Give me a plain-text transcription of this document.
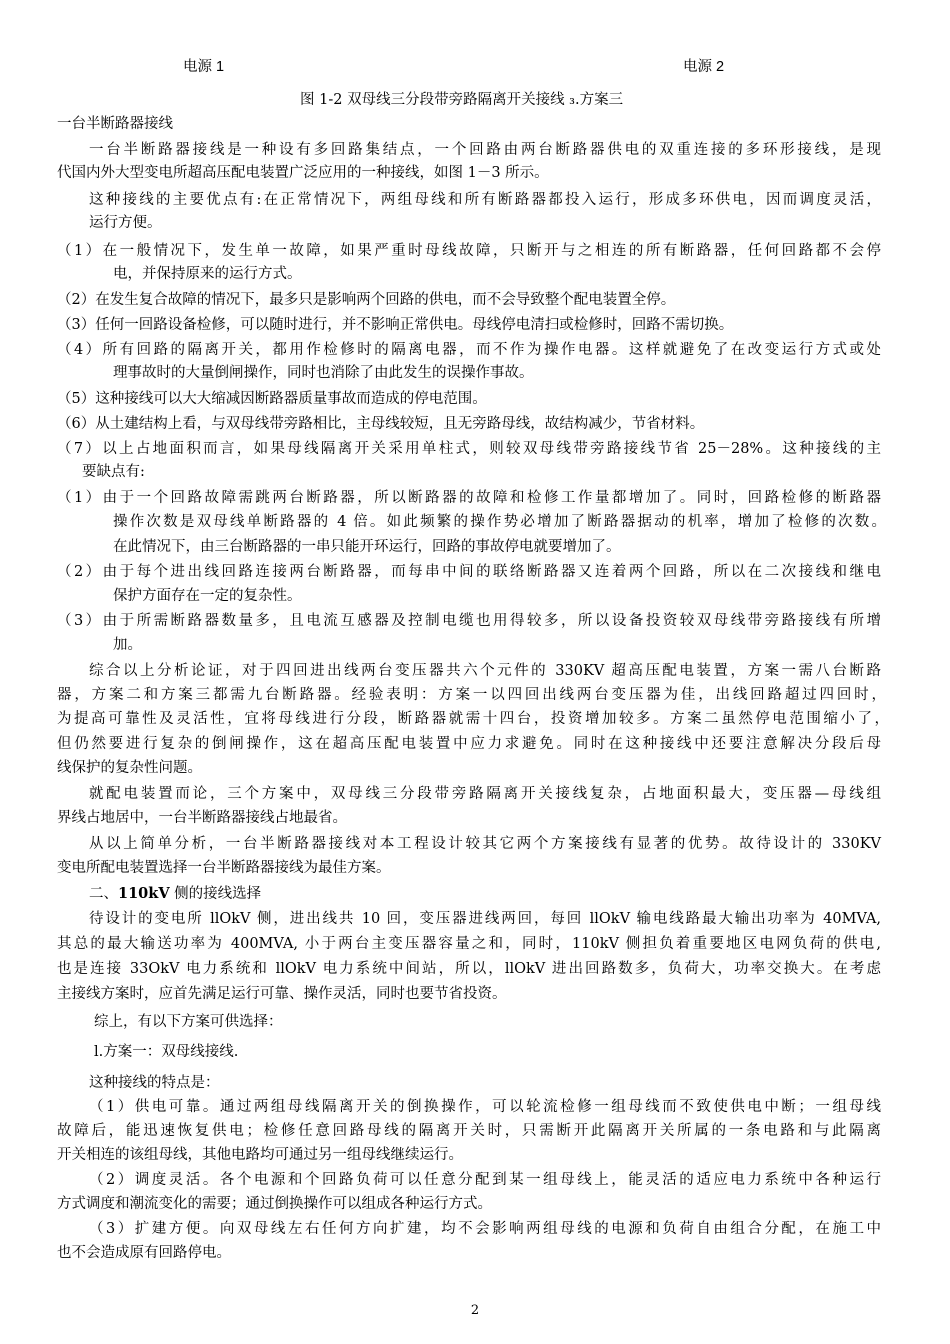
电源 1	电源 2
图 1-2 双母线三分段带旁路隔离开关接线 ₃.方案三
一台半断路器接线
一台半断路器接线是一种设有多回路集结点，一个回路由两台断路器供电的双重连接的多环形接线，是现
代国内外大型变电所超高压配电装置广泛应用的一种接线，如图 1－3 所示。
这种接线的主要优点有:在正常情况下，两组母线和所有断路器都投入运行，形成多环供电，因而调度灵活，
运行方便。
（1）在一般情况下，发生单一故障，如果严重时母线故障，只断开与之相连的所有断路器，任何回路都不会停
电，并保持原来的运行方式。
（2）在发生复合故障的情况下，最多只是影响两个回路的供电，而不会导致整个配电装置全停。
（3）任何一回路设备检修，可以随时进行，并不影响正常供电。母线停电清扫或检修时，回路不需切换。
（4）所有回路的隔离开关，都用作检修时的隔离电器，而不作为操作电器。这样就避免了在改变运行方式或处
理事故时的大量倒闸操作，同时也消除了由此发生的误操作事故。
（5）这种接线可以大大缩减因断路器质量事故而造成的停电范围。
（6）从土建结构上看，与双母线带旁路相比，主母线较短，且无旁路母线，故结构减少，节省材料。
（7）以上占地面积而言，如果母线隔离开关采用单柱式，则较双母线带旁路接线节省 25－28%。这种接线的主
要缺点有:
（1）由于一个回路故障需跳两台断路器，所以断路器的故障和检修工作量都增加了。同时，回路检修的断路器
操作次数是双母线单断路器的 4 倍。如此频繁的操作势必增加了断路器据动的机率，增加了检修的次数。
在此情况下，由三台断路器的一串只能开环运行，回路的事故停电就要增加了。
（2）由于每个进出线回路连接两台断路器，而每串中间的联络断路器又连着两个回路，所以在二次接线和继电
保护方面存在一定的复杂性。
（3）由于所需断路器数量多，且电流互感器及控制电缆也用得较多，所以设备投资较双母线带旁路接线有所增
加。
综合以上分析论证，对于四回进出线两台变压器共六个元件的 330KV 超高压配电装置，方案一需八台断路
器，方案二和方案三都需九台断路器。经验表明：方案一以四回出线两台变压器为佳，出线回路超过四回时，
为提高可靠性及灵活性，宜将母线进行分段，断路器就需十四台，投资增加较多。方案二虽然停电范围缩小了，
但仍然要进行复杂的倒闸操作，这在超高压配电装置中应力求避免。同时在这种接线中还要注意解决分段后母
线保护的复杂性问题。
就配电装置而论，三个方案中，双母线三分段带旁路隔离开关接线复杂，占地面积最大，变压器—母线组
界线占地居中，一台半断路器接线占地最省。
从以上简单分析，一台半断路器接线对本工程设计较其它两个方案接线有显著的优势。故待设计的 330KV
变电所配电装置选择一台半断路器接线为最佳方案。
二、110kV 侧的接线选择
待设计的变电所 llOkV 侧，进出线共 10 回，变压器进线两回，每回 llOkV 输电线路最大输出功率为 40MVA,
其总的最大输送功率为 400MVA, 小于两台主变压器容量之和，同时，110kV 侧担负着重要地区电网负荷的供电,
也是连接 33OkV 电力系统和 llOkV 电力系统中间站，所以，llOkV 进出回路数多，负荷大，功率交换大。在考虑
主接线方案时，应首先满足运行可靠、操作灵活，同时也要节省投资。
综上，有以下方案可供选择：
l.方案一：双母线接线.
这种接线的特点是：
（1）供电可靠。通过两组母线隔离开关的倒换操作，可以轮流检修一组母线而不致使供电中断；一组母线
故障后，能迅速恢复供电；检修任意回路母线的隔离开关时，只需断开此隔离开关所属的一条电路和与此隔离
开关相连的该组母线，其他电路均可通过另一组母线继续运行。
（2）调度灵活。各个电源和个回路负荷可以任意分配到某一组母线上，能灵活的适应电力系统中各种运行
方式调度和潮流变化的需要；通过倒换操作可以组成各种运行方式。
（3）扩建方便。向双母线左右任何方向扩建，均不会影响两组母线的电源和负荷自由组合分配，在施工中
也不会造成原有回路停电。
2
